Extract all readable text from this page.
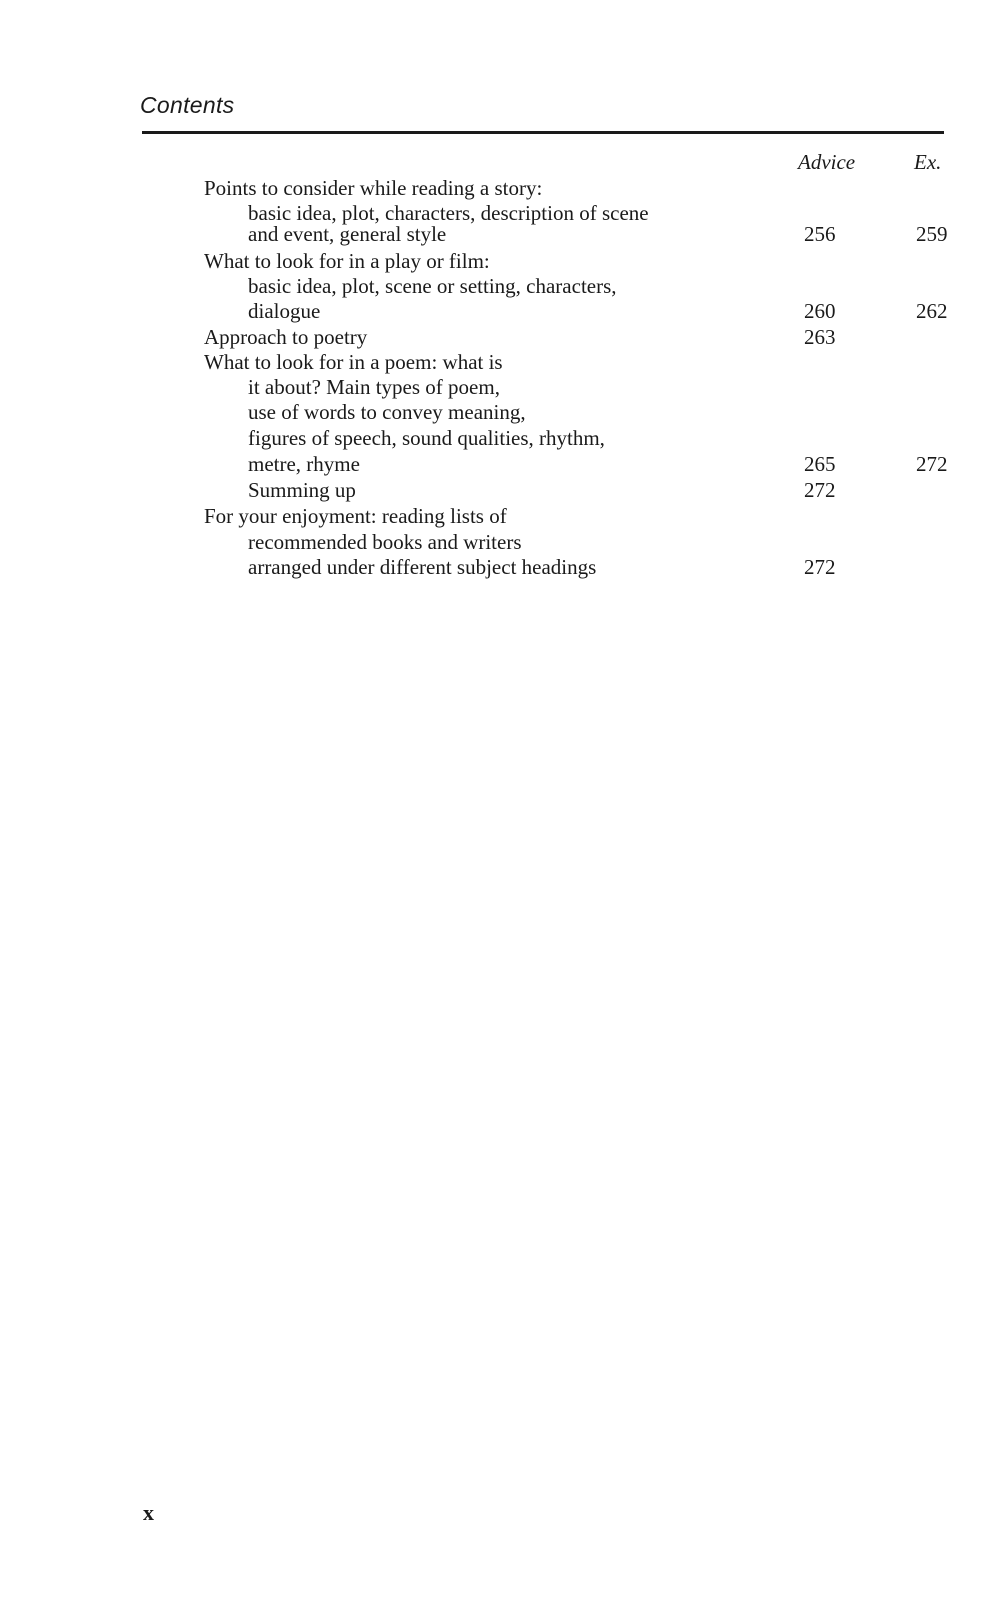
Contents
Advice	Ex.
Points to consider while reading a story:
basic idea, plot, characters, description of scene
and event, general style	256	259
What to look for in a play or film:
basic idea, plot, scene or setting, characters,
dialogue	260	262
Approach to poetry	263
What to look for in a poem: what is
it about? Main types of poem,
use of words to convey meaning,
figures of speech, sound qualities, rhythm,
metre, rhyme	265	272
Summing up	272
For your enjoyment: reading lists of
recommended books and writers
arranged under different subject headings	272
x
